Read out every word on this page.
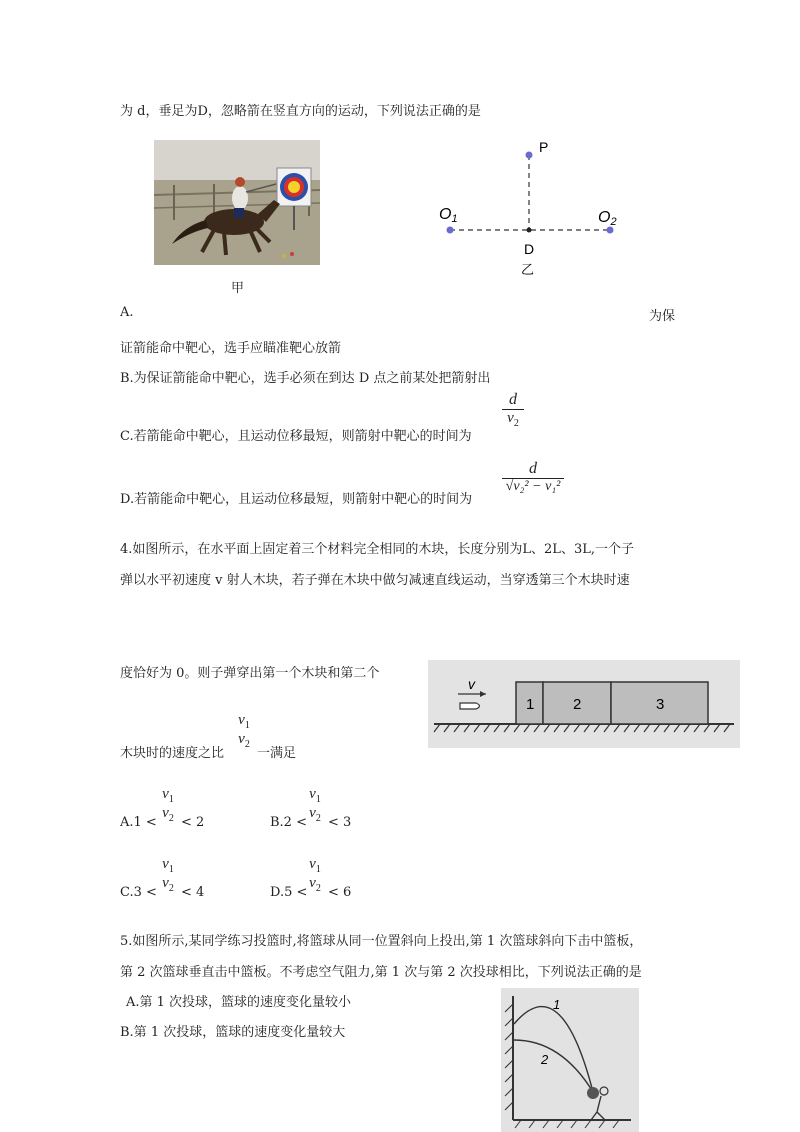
为 d，垂足为D，忽略箭在竖直方向的运动，下列说法正确的是
甲
P
O1	O2
D
乙
A.	为保
证箭能命中靶心，选手应瞄准靶心放箭
B.为保证箭能命中靶心，选手必须在到达 D 点之前某处把箭射出
C.若箭能命中靶心，且运动位移最短，则箭射中靶心的时间为
$\frac{d}{v_2}$
D.若箭能命中靶心，且运动位移最短，则箭射中靶心的时间为
$\frac{d}{\text{√v₂² − v₁²}}$
4.如图所示，在水平面上固定着三个材料完全相同的木块，长度分别为L、2L、3L,一个子
弹以水平初速度 v 射人木块，若子弹在木块中做匀减速直线运动，当穿透第三个木块时速
度恰好为 0。则子弹穿出第一个木块和第二个
木块时的速度之比
$v_1$
$v_2$
一满足
1	2	3
v
A.1 <
$v_1$
$v_2 < 2$	B.2 <
$v_1$
$v_2 < 3$
C.3 <
$v_1$
$v_2 < 4$	D.5 <
$v_1$
$v_2 < 6$
5.如图所示,某同学练习投篮时,将篮球从同一位置斜向上投出,第 1 次篮球斜向下击中篮板，
第 2 次篮球垂直击中篮板。不考虑空气阻力,第 1 次与第 2 次投球相比，下列说法正确的是
A.第 1 次投球，篮球的速度变化量较小
B.第 1 次投球，篮球的速度变化量较大
1
2
